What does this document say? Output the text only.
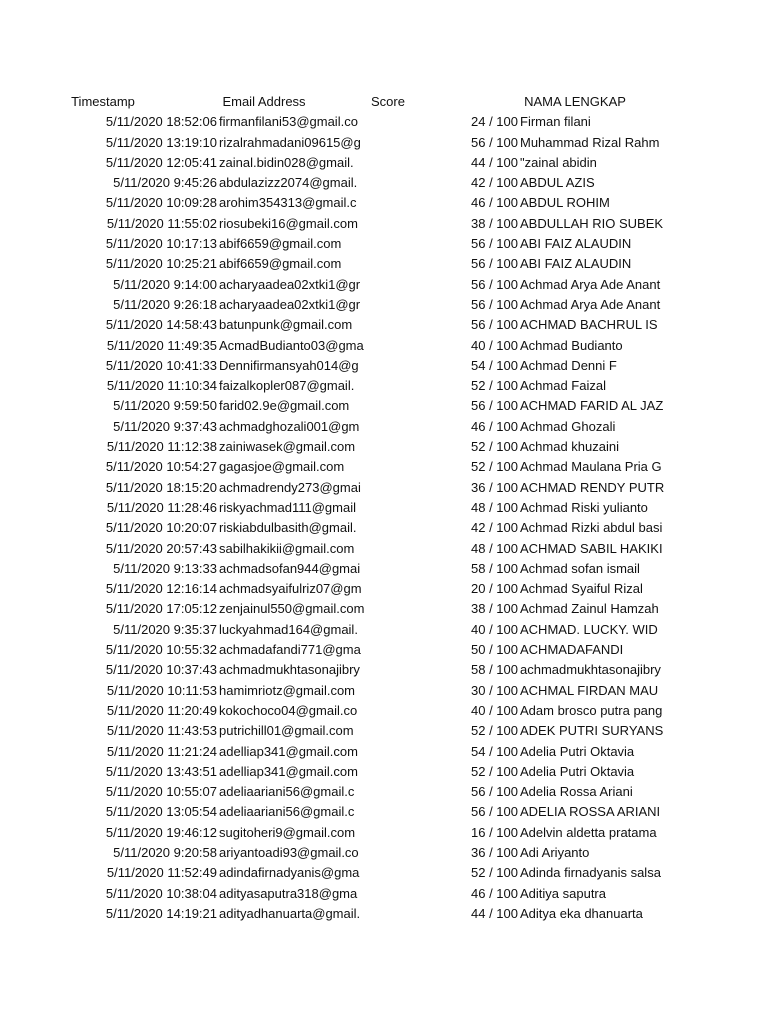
Timestamp	Email Address	Score	NAMA LENGKAP
5/11/2020 18:52:06 firmanfilani53@gmail.co	24 / 100 Firman filani
5/11/2020 13:19:10 rizalrahmadani09615@g	56 / 100 Muhammad Rizal Rahm
5/11/2020 12:05:41 zainal.bidin028@gmail.	44 / 100 "zainal abidin
5/11/2020 9:45:26 abdulazizz2074@gmail.	42 / 100 ABDUL AZIS
5/11/2020 10:09:28 arohim354313@gmail.c	46 / 100 ABDUL ROHIM
5/11/2020 11:55:02 riosubeki16@gmail.com	38 / 100 ABDULLAH RIO SUBEK
5/11/2020 10:17:13 abif6659@gmail.com	56 / 100 ABI FAIZ ALAUDIN
5/11/2020 10:25:21 abif6659@gmail.com	56 / 100 ABI FAIZ ALAUDIN
5/11/2020 9:14:00 acharyaadea02xtki1@gr	56 / 100 Achmad Arya Ade Anant
5/11/2020 9:26:18 acharyaadea02xtki1@gr	56 / 100 Achmad Arya Ade Anant
5/11/2020 14:58:43 batunpunk@gmail.com	56 / 100 ACHMAD BACHRUL IS
5/11/2020 11:49:35 AcmadBudianto03@gma	40 / 100 Achmad Budianto
5/11/2020 10:41:33 Dennifirmansyah014@g	54 / 100 Achmad Denni F
5/11/2020 11:10:34 faizalkopler087@gmail.	52 / 100 Achmad Faizal
5/11/2020 9:59:50 farid02.9e@gmail.com	56 / 100 ACHMAD FARID AL JAZ
5/11/2020 9:37:43 achmadghozali001@gm	46 / 100 Achmad Ghozali
5/11/2020 11:12:38 zainiwasek@gmail.com	52 / 100 Achmad khuzaini
5/11/2020 10:54:27 gagasjoe@gmail.com	52 / 100 Achmad Maulana Pria G
5/11/2020 18:15:20 achmadrendy273@gmai	36 / 100 ACHMAD RENDY PUTR
5/11/2020 11:28:46 riskyachmad111@gmail	48 / 100 Achmad Riski yulianto
5/11/2020 10:20:07 riskiabdulbasith@gmail.	42 / 100 Achmad Rizki abdul basi
5/11/2020 20:57:43 sabilhakikii@gmail.com	48 / 100 ACHMAD SABIL HAKIKI
5/11/2020 9:13:33 achmadsofan944@gmai	58 / 100 Achmad sofan ismail
5/11/2020 12:16:14 achmadsyaifulriz07@gm	20 / 100 Achmad Syaiful Rizal
5/11/2020 17:05:12 zenjainul550@gmail.com	38 / 100 Achmad Zainul Hamzah
5/11/2020 9:35:37 luckyahmad164@gmail.	40 / 100 ACHMAD. LUCKY. WID
5/11/2020 10:55:32 achmadafandi771@gma	50 / 100 ACHMADAFANDI
5/11/2020 10:37:43 achmadmukhtasonajibry	58 / 100 achmadmukhtasonajibry
5/11/2020 10:11:53 hamimriotz@gmail.com	30 / 100 ACHMAL FIRDAN MAU
5/11/2020 11:20:49 kokochoco04@gmail.co	40 / 100 Adam brosco putra pang
5/11/2020 11:43:53 putrichill01@gmail.com	52 / 100 ADEK PUTRI SURYANS
5/11/2020 11:21:24 adelliap341@gmail.com	54 / 100 Adelia Putri Oktavia
5/11/2020 13:43:51 adelliap341@gmail.com	52 / 100 Adelia Putri Oktavia
5/11/2020 10:55:07 adeliaariani56@gmail.c	56 / 100 Adelia Rossa Ariani
5/11/2020 13:05:54 adeliaariani56@gmail.c	56 / 100 ADELIA ROSSA ARIANI
5/11/2020 19:46:12 sugitoheri9@gmail.com	16 / 100 Adelvin aldetta pratama
5/11/2020 9:20:58 ariyantoadi93@gmail.co	36 / 100 Adi Ariyanto
5/11/2020 11:52:49 adindafirnadyanis@gma	52 / 100 Adinda firnadyanis salsa
5/11/2020 10:38:04 adityasaputra318@gma	46 / 100 Aditiya saputra
5/11/2020 14:19:21 adityadhanuarta@gmail.	44 / 100 Aditya eka dhanuarta
